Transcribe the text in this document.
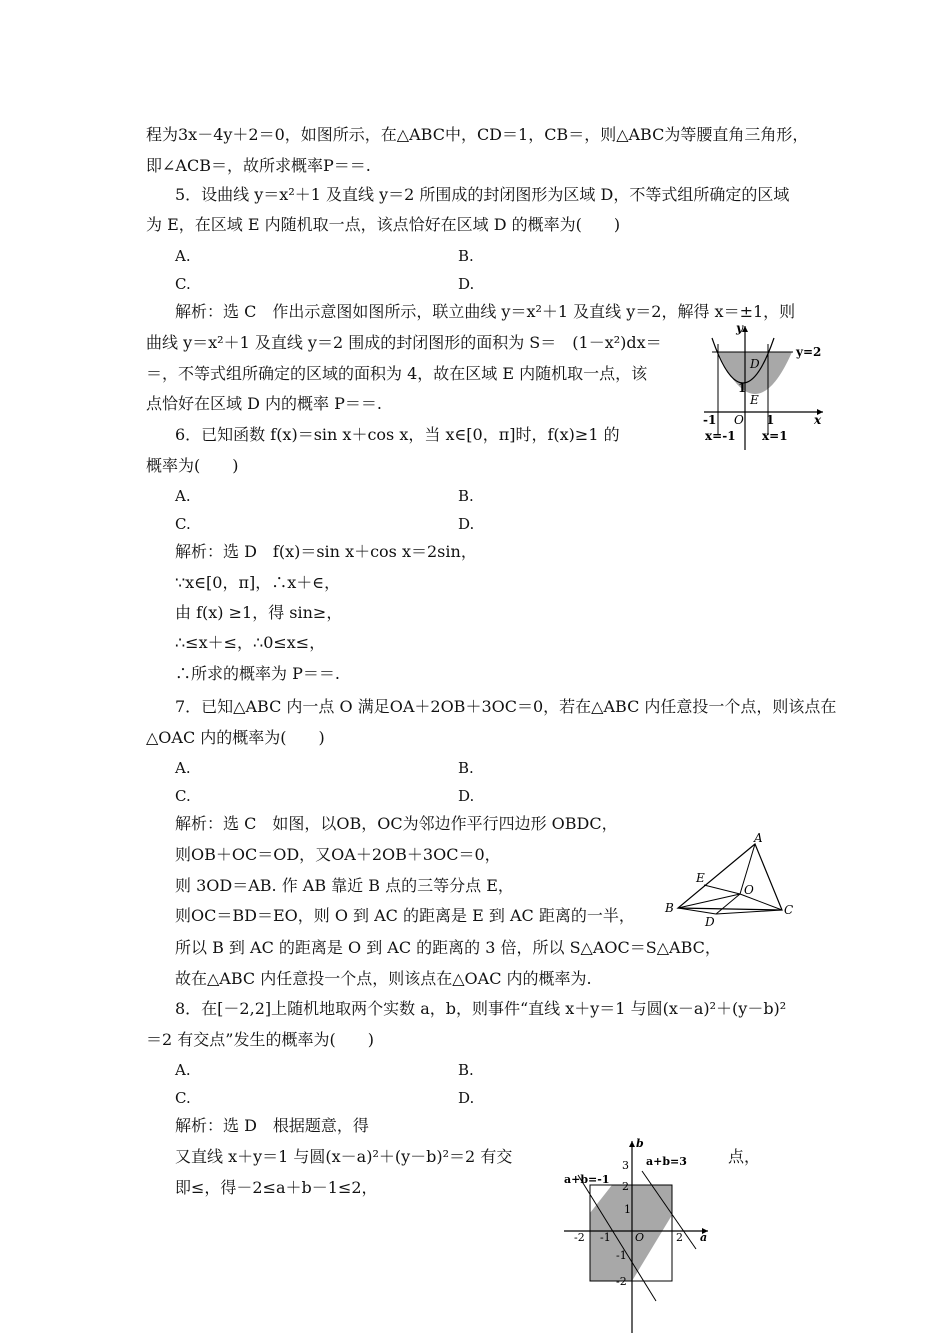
程为3x－4y＋2＝0，如图所示，在△ABC中，CD＝1，CB＝，则△ABC为等腰直角三角形，
即∠ACB＝，故所求概率P＝＝.
5．设曲线 y＝x²＋1 及直线 y＝2 所围成的封闭图形为区域 D，不等式组所确定的区域
为 E，在区域 E 内随机取一点，该点恰好在区域 D 的概率为(　　)
A.	B.
C.	D.
解析：选 C　作出示意图如图所示，联立曲线 y＝x²＋1 及直线 y＝2，解得 x＝±1，则
曲线 y＝x²＋1 及直线 y＝2 围成的封闭图形的面积为 S＝　(1－x²)dx＝
＝，不等式组所确定的区域的面积为 4，故在区域 E 内随机取一点，该
点恰好在区域 D 内的概率 P＝＝.
y
y=2
D
1
E
-1 O 1	x
x=-1 x=1
6．已知函数 f(x)＝sin x＋cos x，当 x∈[0，π]时，f(x)≥1 的
概率为(　　)
A.	B.
C.	D.
解析：选 D　f(x)＝sin x＋cos x＝2sin，
∵x∈[0，π]，∴x＋∈，
由 f(x) ≥1，得 sin≥，
∴≤x＋≤，∴0≤x≤，
∴所求的概率为 P＝＝.
7．已知△ABC 内一点 O 满足OA＋2OB＋3OC＝0，若在△ABC 内任意投一个点，则该点在
△OAC 内的概率为(　　)
A.	B.
C.	D.
解析：选 C　如图，以OB，OC为邻边作平行四边形 OBDC，
则OB＋OC＝OD，又OA＋2OB＋3OC＝0，
则 3OD＝AB. 作 AB 靠近 B 点的三等分点 E，
则OC＝BD＝EO，则 O 到 AC 的距离是 E 到 AC 距离的一半，
所以 B 到 AC 的距离是 O 到 AC 的距离的 3 倍，所以 S△AOC＝S△ABC，
故在△ABC 内任意投一个点，则该点在△OAC 内的概率为.
A
E
O
B
D
C
8．在[－2,2]上随机地取两个实数 a，b，则事件“直线 x＋y＝1 与圆(x－a)²＋(y－b)²
＝2 有交点”发生的概率为(　　)
A.	B.
C.	D.
解析：选 D　根据题意，得
又直线 x＋y＝1 与圆(x－a)²＋(y－b)²＝2 有交	点，
即≤，得－2≤a＋b－1≤2，
b
a+b=3
a+b=-1
3
2
1
-2 -1 O	2 a
-1
-2
